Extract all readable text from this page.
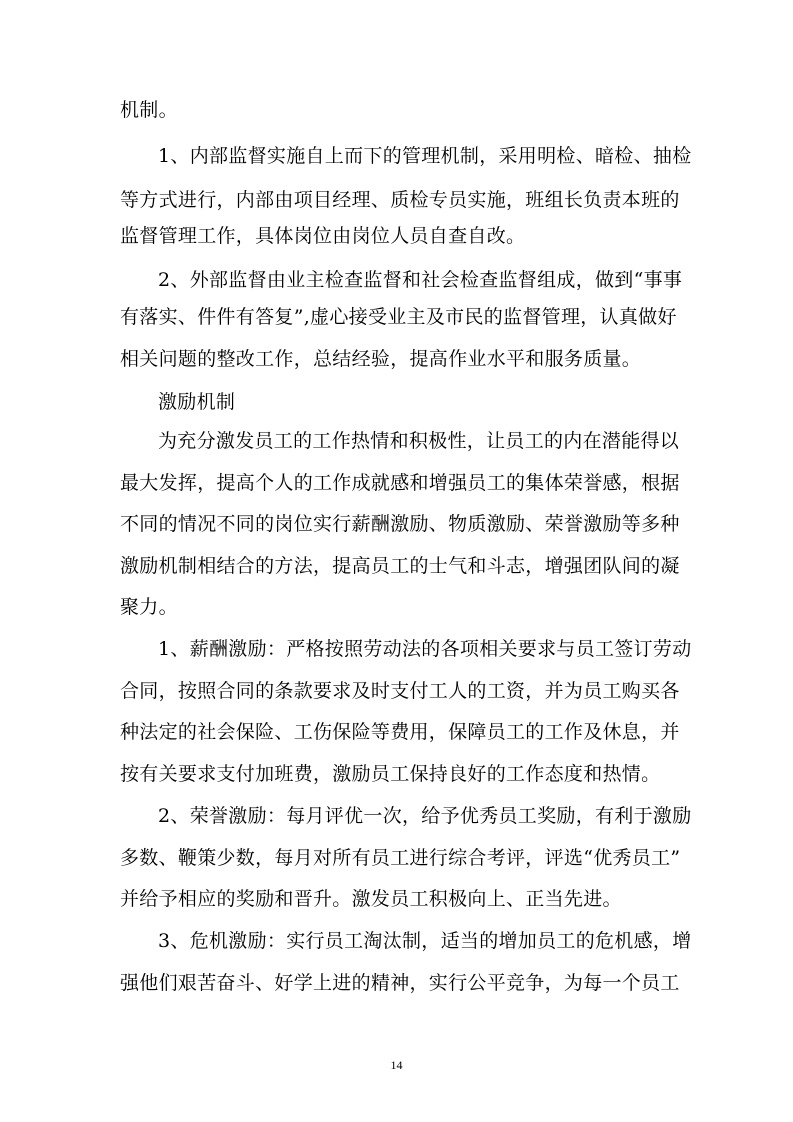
机制。
1、内部监督实施自上而下的管理机制，采用明检、暗检、抽检
等方式进行，内部由项目经理、质检专员实施，班组长负责本班的
监督管理工作，具体岗位由岗位人员自查自改。
2、外部监督由业主检查监督和社会检查监督组成，做到“事事
有落实、件件有答复”,虚心接受业主及市民的监督管理，认真做好
相关问题的整改工作，总结经验，提高作业水平和服务质量。
激励机制
为充分激发员工的工作热情和积极性，让员工的内在潜能得以
最大发挥，提高个人的工作成就感和增强员工的集体荣誉感，根据
不同的情况不同的岗位实行薪酬激励、物质激励、荣誉激励等多种
激励机制相结合的方法，提高员工的士气和斗志，增强团队间的凝
聚力。
1、薪酬激励：严格按照劳动法的各项相关要求与员工签订劳动
合同，按照合同的条款要求及时支付工人的工资，并为员工购买各
种法定的社会保险、工伤保险等费用，保障员工的工作及休息，并
按有关要求支付加班费，激励员工保持良好的工作态度和热情。
2、荣誉激励：每月评优一次，给予优秀员工奖励，有利于激励
多数、鞭策少数，每月对所有员工进行综合考评，评选“优秀员工”
并给予相应的奖励和晋升。激发员工积极向上、正当先进。
3、危机激励：实行员工淘汰制，适当的增加员工的危机感，增
强他们艰苦奋斗、好学上进的精神，实行公平竞争，为每一个员工
14
